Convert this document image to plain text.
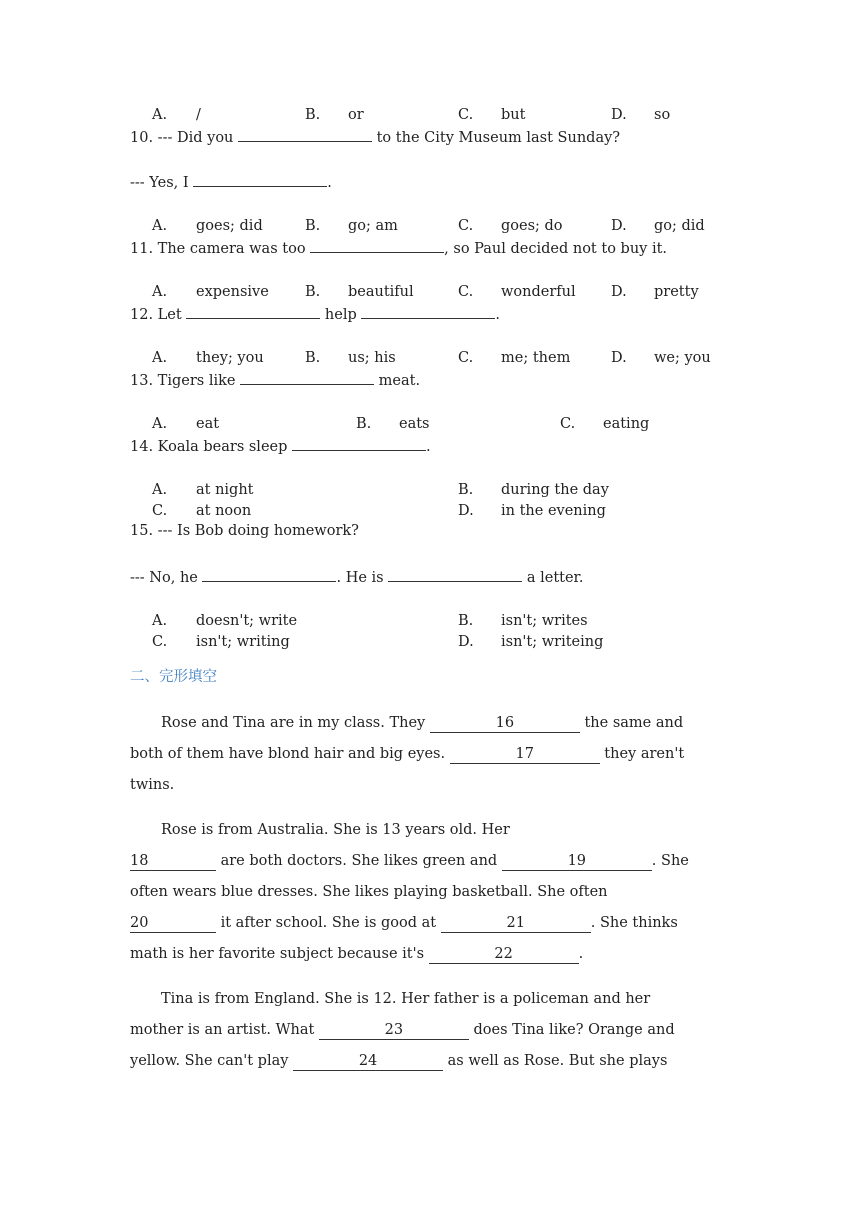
A. /	B. or	C. but	D. so
10. --- Did you	to the City Museum last Sunday?
--- Yes, I	.
A. goes; did	B. go; am	C. goes; do	D. go; did
11. The camera was too	, so Paul decided not to buy it.
A. expensive B. beautiful	C. wonderful D. pretty
12. Let	help	.
A. they; you	B. us; his	C. me; them	D. we; you
13. Tigers like	meat.
A. eat	B. eats	C. eating
14. Koala bears sleep	.
A. at night	B. during the day
C. at noon	D. in the evening
15. --- Is Bob doing homework?
--- No, he	. He is	a letter.
A. doesn't; write	B. isn't; writes
C. isn't; writing	D. isn't; writeing
二、完形填空
Rose and Tina are in my class. They	16	the same and
both of them have blond hair and big eyes.	17	they aren't
twins.
Rose is from Australia. She is 13 years old. Her
18	are both doctors. She likes green and	19	. She
often wears blue dresses. She likes playing basketball. She often
20	it after school. She is good at	21	. She thinks
math is her favorite subject because it's	22	.
Tina is from England. She is 12. Her father is a policeman and her
mother is an artist. What	23	does Tina like? Orange and
yellow. She can't play	24	as well as Rose. But she plays
